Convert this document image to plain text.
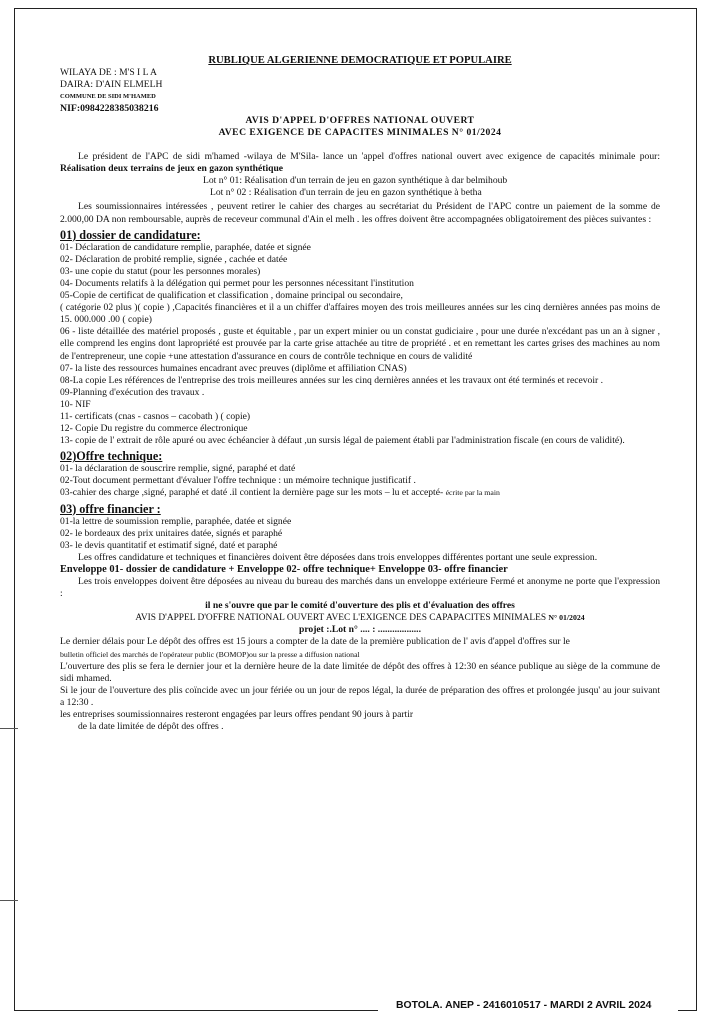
RUBLIQUE ALGERIENNE DEMOCRATIQUE ET POPULAIRE
WILAYA DE : M'S I L A
DAIRA: D'AIN ELMELH
COMMUNE DE SIDI M'HAMED
NIF:0984228385038216
AVIS D'APPEL D'OFFRES NATIONAL OUVERT
AVEC EXIGENCE DE CAPACITES MINIMALES N° 01/2024

Le président de l'APC de sidi m'hamed -wilaya de M'Sila- lance un 'appel d'offres national ouvert avec exigence de capacités minimale pour: Réalisation deux terrains de jeux en gazon synthétique

Lot n° 01: Réalisation d'un terrain de jeu en gazon synthétique à dar belmihoub
Lot n° 02 : Réalisation d'un terrain de jeu en gazon synthétique à betha

Les soumissionnaires intéressées , peuvent retirer le cahier des charges au secrétariat du Président de l'APC contre un paiement de la somme de 2.000,00 DA non remboursable, auprès de receveur communal d'Ain el melh . les offres doivent être accompagnées obligatoirement des pièces suivantes :

01) dossier de candidature:
01- Déclaration de candidature remplie, paraphée, datée et signée
02- Déclaration de probité remplie, signée , cachée et datée
03- une copie du statut (pour les personnes morales)
04- Documents relatifs à la délégation qui permet pour les personnes nécessitant l'institution
05-Copie de certificat de qualification et classification , domaine principal ou secondaire,
( catégorie 02 plus )( copie ) ,Capacités financières et il a un chiffer d'affaires moyen des trois meilleures années sur les cinq dernières années pas moins de 15. 000.000 .00 ( copie)
06 - liste détaillée des matériel proposés , guste et équitable , par un expert minier ou un constat gudiciaire , pour une durée n'excédant pas un an à signer , elle comprend les engins dont lapropriété est prouvée par la carte grise attachée au titre de propriété . et en remettant les cartes grises des machines au nom de l'entrepreneur, une copie +une attestation d'assurance en cours de contrôle technique en cours de validité
07- la liste des ressources humaines encadrant avec preuves (diplôme et affiliation CNAS)
08-La copie Les références de l'entreprise des trois meilleures années sur les cinq dernières années et les travaux ont été terminés et recevoir .
09-Planning d'exécution des travaux .
10- NIF
11- certificats (cnas - casnos – cacobath ) ( copie)
12- Copie Du registre du commerce électronique
13- copie de l' extrait de rôle apuré ou avec échéancier à défaut ,un sursis légal de paiement établi par l'administration fiscale (en cours de validité).
02)Offre technique:
01- la déclaration de souscrire remplie, signé, paraphé et daté
02-Tout document permettant d'évaluer l'offre technique : un mémoire technique justificatif .
03-cahier des charge ,signé, paraphé et daté .il contient la dernière page sur les mots – lu et accepté- écrite par la main
03) offre financier :
01-la lettre de soumission remplie, paraphée, datée et signée
02- le bordeaux des prix unitaires datée, signés et paraphé
03- le devis quantitatif et estimatif signé, daté et paraphé

Les offres candidature et techniques et financières doivent être déposées dans trois enveloppes différentes portant une seule expression.

Enveloppe 01- dossier de candidature + Enveloppe 02- offre technique+ Enveloppe 03- offre financier

Les trois enveloppes doivent être déposées au niveau du bureau des marchés dans un enveloppe extérieure Fermé et anonyme ne porte que l'expression :

il ne s'ouvre que par le comité d'ouverture des plis et d'évaluation des offres
AVIS D'APPEL D'OFFRE NATIONAL OUVERT AVEC L'EXIGENCE DES CAPAPACITES MINIMALES N° 01/2024
projet :.Lot n° .... : ..................
Le dernier délais pour Le dépôt des offres est 15 jours a compter de la date de la première publication de l' avis d'appel d'offres sur le
bulletin officiel des marchés de l'opérateur public (BOMOP)ou sur la presse a diffusion national
L'ouverture des plis se fera le dernier jour et la dernière heure de la date limitée de dépôt des offres à 12:30 en séance publique au siège de la commune de sidi mhamed.
Si le jour de l'ouverture des plis coïncide avec un jour fériée ou un jour de repos légal, la durée de préparation des offres et prolongée jusqu' au jour suivant a 12:30 .
les entreprises soumissionnaires resteront engagées par leurs offres pendant 90 jours à partir
de la date limitée de dépôt des offres .
BOTOLA. ANEP - 2416010517 - MARDI 2 AVRIL 2024
